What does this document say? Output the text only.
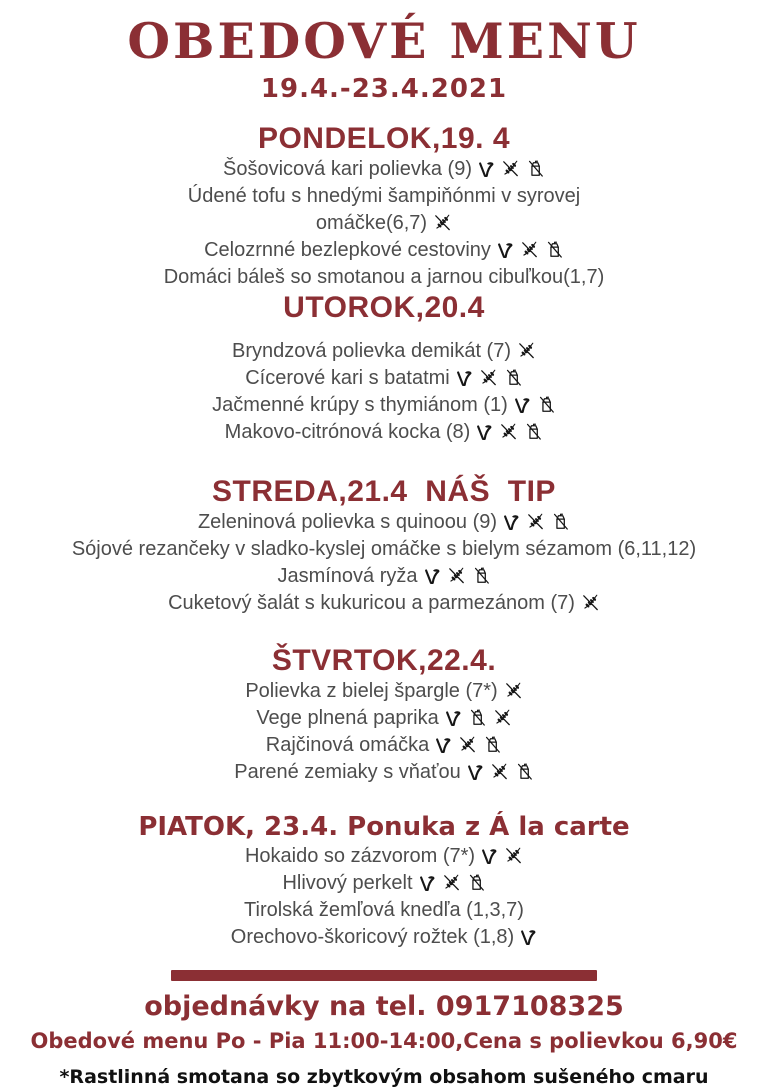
OBEDOVÉ MENU
19.4.-23.4.2021
PONDELOK,19. 4
Šošovicová kari polievka (9)
Údené tofu s hnedými šampiňónmi v syrovej omáčke(6,7)
Celozrnné bezlepkové cestoviny
Domáci báleš so smotanou a jarnou cibuľkou(1,7)
UTOROK,20.4
Bryndzová polievka demikát (7)
Cícerové kari s batatmi
Jačmenné krúpy s thymiánom (1)
Makovo-citrónová kocka (8)
STREDA,21.4  NÁŠ  TIP
Zeleninová polievka s quinoou (9)
Sójové rezančeky v sladko-kyslej omáčke s bielym sézamom (6,11,12)
Jasmínová ryža
Cuketový šalát s kukuricou a parmezánom (7)
ŠTVRTOK,22.4.
Polievka z bielej špargle (7*)
Vege plnená paprika
Rajčinová omáčka
Parené zemiaky s vňaťou
PIATOK, 23.4. Ponuka z Á la carte
Hokaido so zázvorom (7*)
Hlivový perkelt
Tirolská žemľová knedľa (1,3,7)
Orechovo-škoricový rožtek (1,8)
objednávky na tel. 0917108325
Obedové menu Po - Pia 11:00-14:00,Cena s polievkou 6,90€
*Rastlinná smotana so zbytkovým obsahom sušeného cmaru
